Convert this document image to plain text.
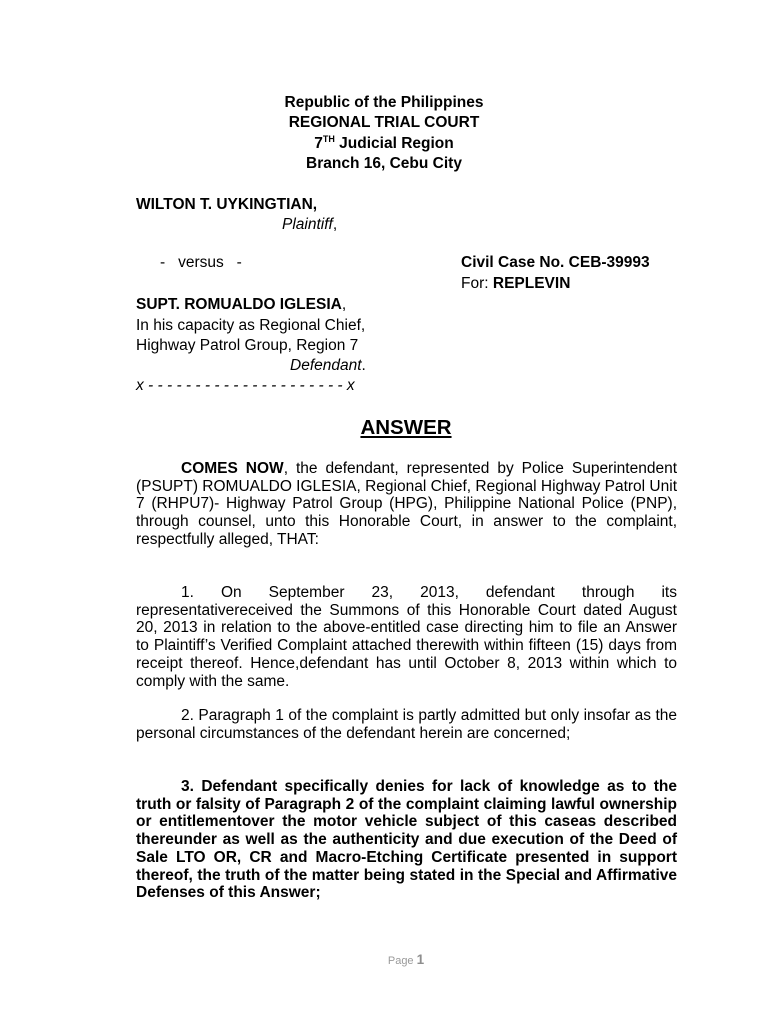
Republic of the Philippines
REGIONAL TRIAL COURT
7TH Judicial Region
Branch 16, Cebu City
WILTON T. UYKINGTIAN,
Plaintiff,
-   versus   -	Civil Case No. CEB-39993
For: REPLEVIN
SUPT. ROMUALDO IGLESIA,
In his capacity as Regional Chief,
Highway Patrol Group, Region 7
Defendant.
x - - - - - - - - - - - - - - - - - - - - - x
ANSWER
COMES NOW, the defendant, represented by Police Superintendent (PSUPT) ROMUALDO IGLESIA, Regional Chief, Regional Highway Patrol Unit 7 (RHPU7)- Highway Patrol Group (HPG), Philippine National Police (PNP), through counsel, unto this Honorable Court, in answer to the complaint, respectfully alleged, THAT:
1. On September 23, 2013, defendant through its representativereceived the Summons of this Honorable Court dated August 20, 2013 in relation to the above-entitled case directing him to file an Answer to Plaintiff’s Verified Complaint attached therewith within fifteen (15) days from receipt thereof. Hence,defendant has until October 8, 2013 within which to comply with the same.
2. Paragraph 1 of the complaint is partly admitted but only insofar as the personal circumstances of the defendant herein are concerned;
3. Defendant specifically denies for lack of knowledge as to the truth or falsity of Paragraph 2 of the complaint claiming lawful ownership or entitlementover the motor vehicle subject of this caseas described thereunder as well as the authenticity and due execution of the Deed of Sale LTO OR, CR and Macro-Etching Certificate presented in support thereof, the truth of the matter being stated in the Special and Affirmative Defenses of this Answer;
Page 1
